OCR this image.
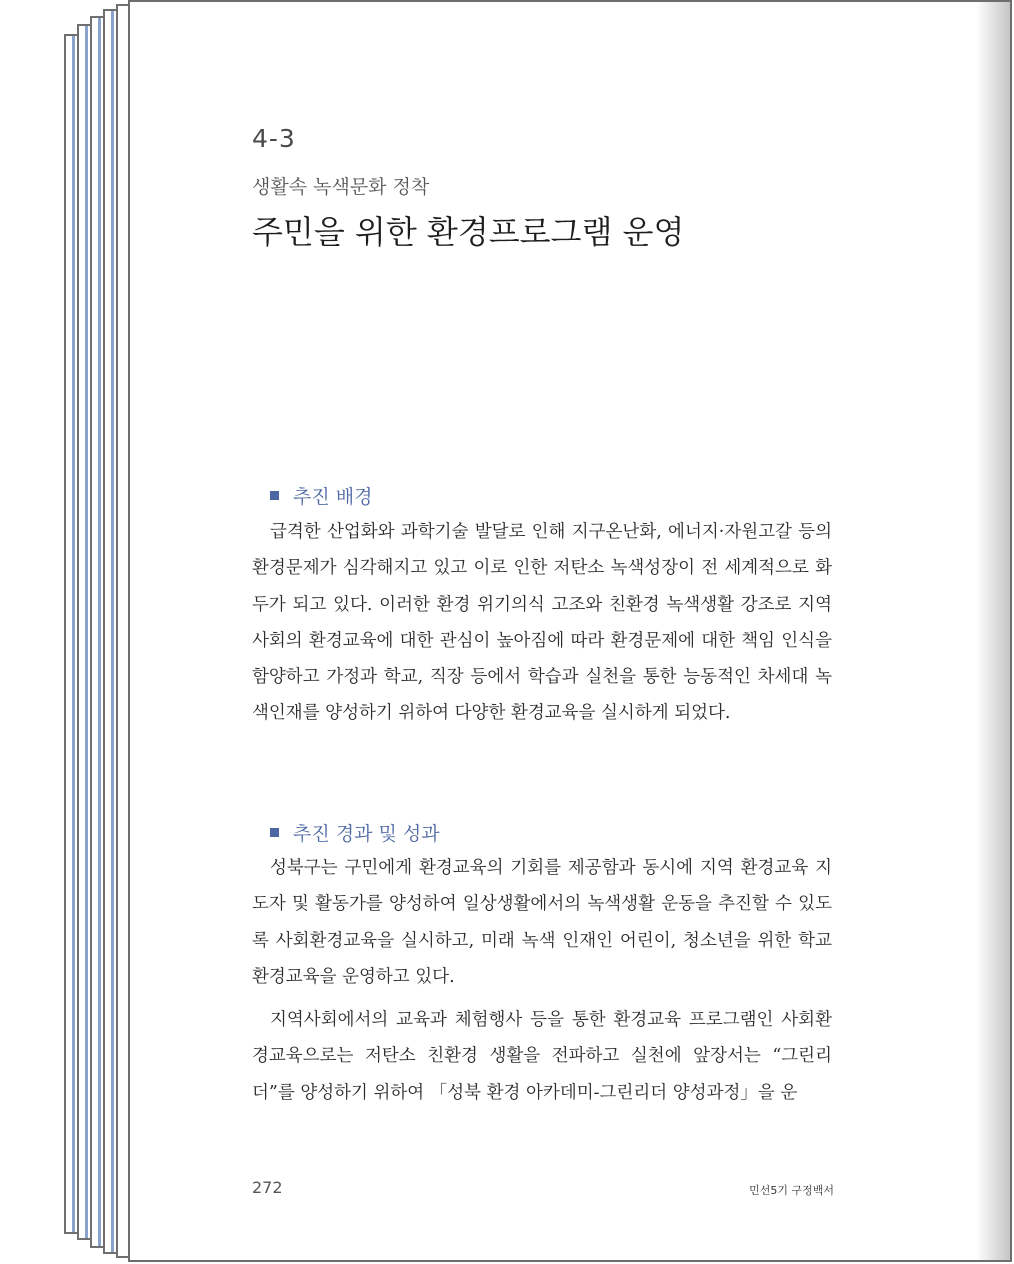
4-3
생활속 녹색문화 정착
주민을 위한 환경프로그램 운영
추진 배경

급격한 산업화와 과학기술 발달로 인해 지구온난화, 에너지·자원고갈 등의 환경문제가 심각해지고 있고 이로 인한 저탄소 녹색성장이 전 세계적으로 화두가 되고 있다. 이러한 환경 위기의식 고조와 친환경 녹색생활 강조로 지역사회의 환경교육에 대한 관심이 높아짐에 따라 환경문제에 대한 책임 인식을 함양하고 가정과 학교, 직장 등에서 학습과 실천을 통한 능동적인 차세대 녹색인재를 양성하기 위하여 다양한 환경교육을 실시하게 되었다.

추진 경과 및 성과

성북구는 구민에게 환경교육의 기회를 제공함과 동시에 지역 환경교육 지도자 및 활동가를 양성하여 일상생활에서의 녹색생활 운동을 추진할 수 있도록 사회환경교육을 실시하고, 미래 녹색 인재인 어린이, 청소년을 위한 학교환경교육을 운영하고 있다.

지역사회에서의 교육과 체험행사 등을 통한 환경교육 프로그램인 사회환경교육으로는 저탄소 친환경 생활을 전파하고 실천에 앞장서는 “그린리더”를 양성하기 위하여 「성북 환경 아카데미-그린리더 양성과정」을 운

272	민선5기 구정백서
